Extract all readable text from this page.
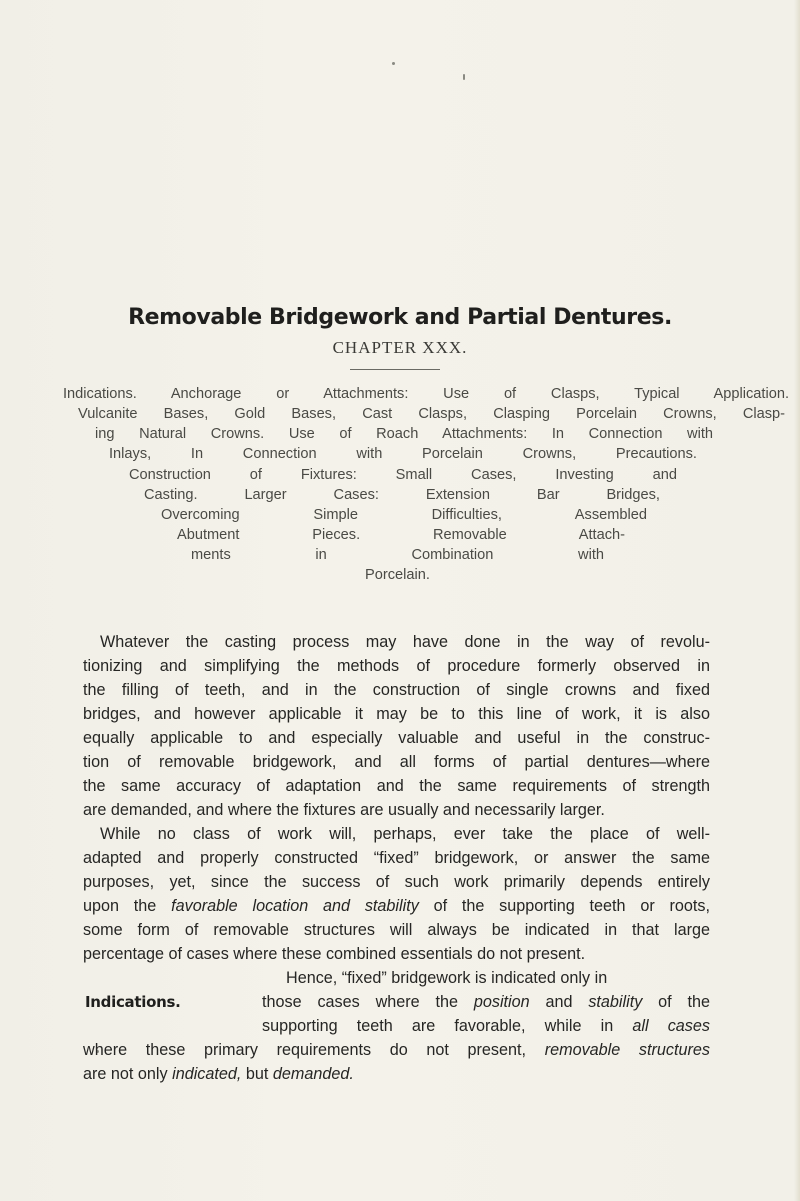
Removable Bridgework and Partial Dentures.
CHAPTER XXX.
Indications. Anchorage or Attachments: Use of Clasps, Typical Application.
Vulcanite Bases, Gold Bases, Cast Clasps, Clasping Porcelain Crowns, Clasp-
ing Natural Crowns. Use of Roach Attachments: In Connection with
Inlays, In Connection with Porcelain Crowns, Precautions.
Construction of Fixtures: Small Cases, Investing and
Casting. Larger Cases: Extension Bar Bridges,
Overcoming Simple Difficulties, Assembled
Abutment Pieces. Removable Attach-
ments in Combination with
Porcelain.
Whatever the casting process may have done in the way of revolu-
tionizing and simplifying the methods of procedure formerly observed in
the filling of teeth, and in the construction of single crowns and fixed
bridges, and however applicable it may be to this line of work, it is also
equally applicable to and especially valuable and useful in the construc-
tion of removable bridgework, and all forms of partial dentures—where
the same accuracy of adaptation and the same requirements of strength
are demanded, and where the fixtures are usually and necessarily larger.
While no class of work will, perhaps, ever take the place of well-
adapted and properly constructed “fixed” bridgework, or answer the same
purposes, yet, since the success of such work primarily depends entirely
upon the favorable location and stability of the supporting teeth or roots,
some form of removable structures will always be indicated in that large
percentage of cases where these combined essentials do not present.
Hence, “fixed” bridgework is indicated only in
Indications.	those cases where the position and stability of the
supporting teeth are favorable, while in all cases
where these primary requirements do not present, removable structures
are not only indicated, but demanded.
